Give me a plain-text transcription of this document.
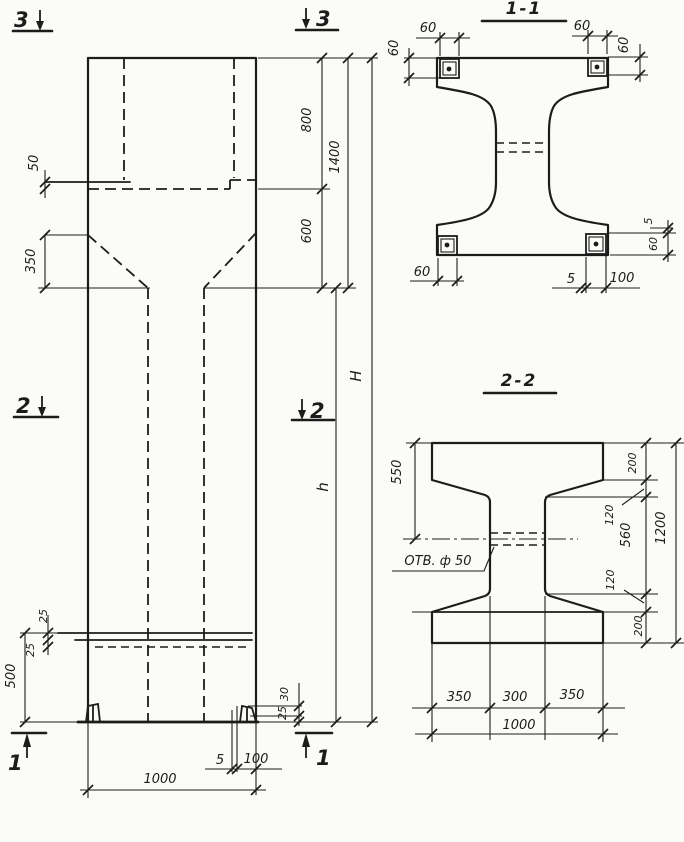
3	3
2	2
1	1
50
350
800
1400
600
H
h
25
25
500
30
25
5 100
1000
1-1
60
60
60
60
60
5
60
5	100
2-2
ОТВ. ф 50
550	200
120
560
120
200
1200
350 300 350
1000
